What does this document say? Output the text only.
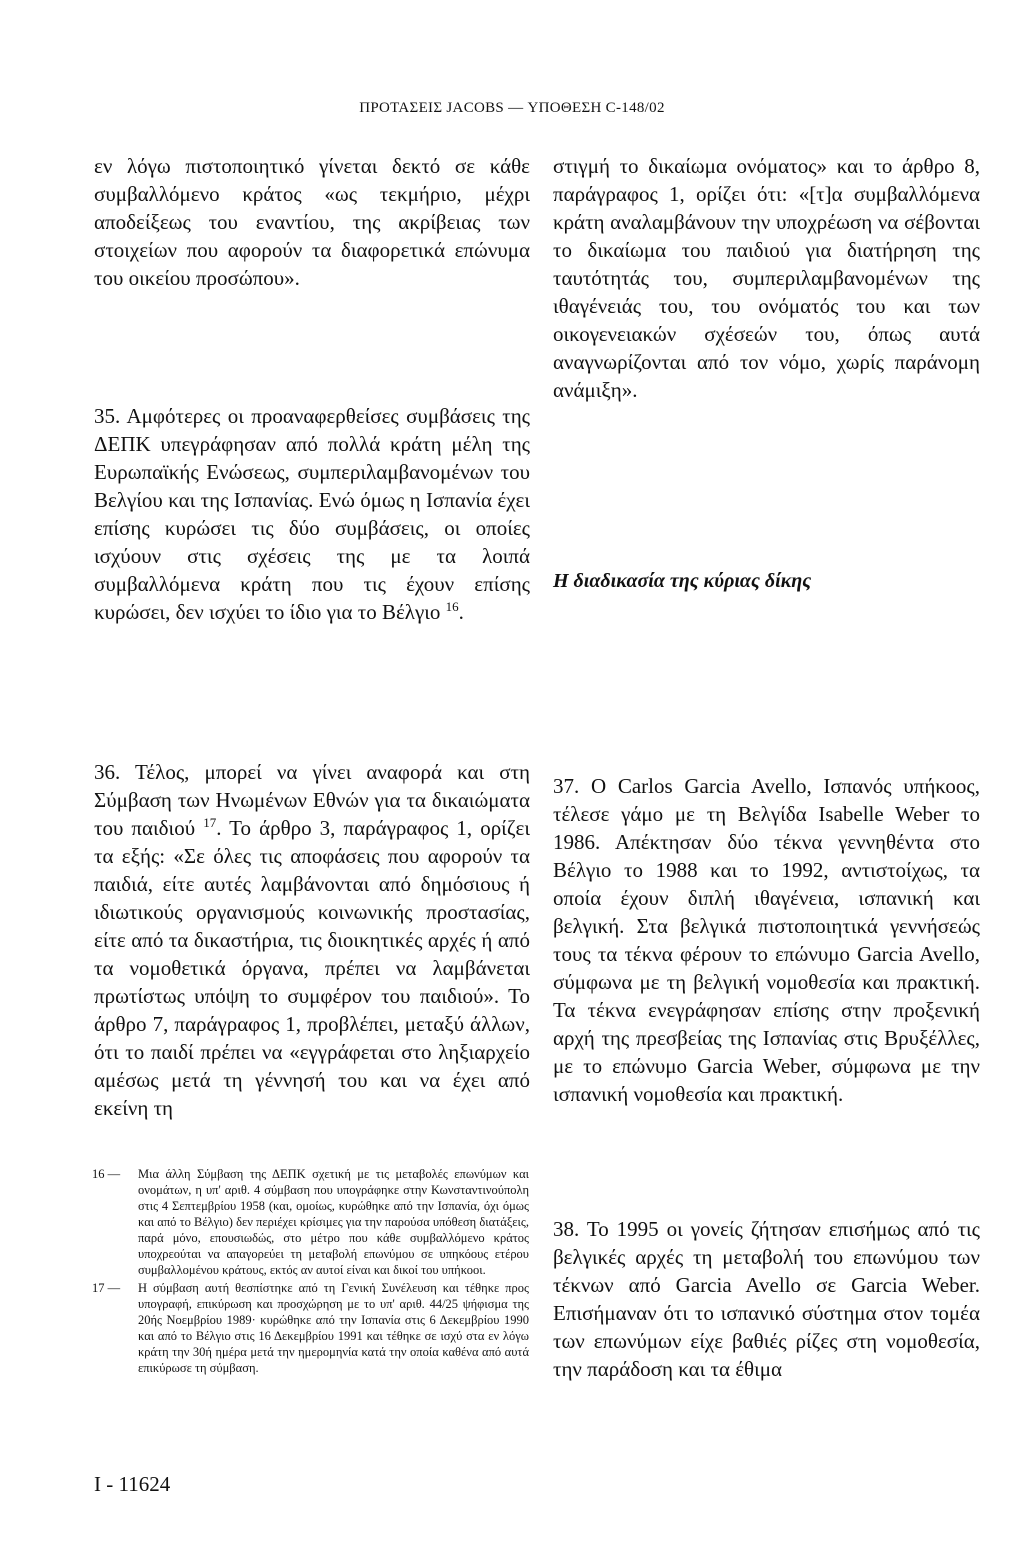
ΠΡΟΤΑΣΕΙΣ JACOBS — ΥΠΟΘΕΣΗ C-148/02

εν λόγω πιστοποιητικό γίνεται δεκτό σε κάθε συμβαλλόμενο κράτος «ως τεκμήριο, μέχρι αποδείξεως του εναντίου, της ακρίβειας των στοιχείων που αφορούν τα διαφορετικά επώνυμα του οικείου προσώπου».

35. Αμφότερες οι προαναφερθείσες συμβάσεις της ΔΕΠΚ υπεγράφησαν από πολλά κράτη μέλη της Ευρωπαϊκής Ενώσεως, συμπεριλαμβανομένων του Βελγίου και της Ισπανίας. Ενώ όμως η Ισπανία έχει επίσης κυρώσει τις δύο συμβάσεις, οι οποίες ισχύουν στις σχέσεις της με τα λοιπά συμβαλλόμενα κράτη που τις έχουν επίσης κυρώσει, δεν ισχύει το ίδιο για το Βέλγιο $^{16}$.

36. Τέλος, μπορεί να γίνει αναφορά και στη Σύμβαση των Ηνωμένων Εθνών για τα δικαιώματα του παιδιού $^{17}$. Το άρθρο 3, παράγραφος 1, ορίζει τα εξής: «Σε όλες τις αποφάσεις που αφορούν τα παιδιά, είτε αυτές λαμβάνονται από δημόσιους ή ιδιωτικούς οργανισμούς κοινωνικής προστασίας, είτε από τα δικαστήρια, τις διοικητικές αρχές ή από τα νομοθετικά όργανα, πρέπει να λαμβάνεται πρωτίστως υπόψη το συμφέρον του παιδιού». Το άρθρο 7, παράγραφος 1, προβλέπει, μεταξύ άλλων, ότι το παιδί πρέπει να «εγγράφεται στο ληξιαρχείο αμέσως μετά τη γέννησή του και να έχει από εκείνη τη

στιγμή το δικαίωμα ονόματος» και το άρθρο 8, παράγραφος 1, ορίζει ότι: «[τ]α συμβαλλόμενα κράτη αναλαμβάνουν την υποχρέωση να σέβονται το δικαίωμα του παιδιού για διατήρηση της ταυτότητάς του, συμπεριλαμβανομένων της ιθαγένειάς του, του ονόματός του και των οικογενειακών σχέσεών του, όπως αυτά αναγνωρίζονται από τον νόμο, χωρίς παράνομη ανάμιξη».

Η διαδικασία της κύριας δίκης

37. Ο Carlos Garcia Avello, Ισπανός υπήκοος, τέλεσε γάμο με τη Βελγίδα Isabelle Weber το 1986. Απέκτησαν δύο τέκνα γεννηθέντα στο Βέλγιο το 1988 και το 1992, αντιστοίχως, τα οποία έχουν διπλή ιθαγένεια, ισπανική και βελγική. Στα βελγικά πιστοποιητικά γεννήσεώς τους τα τέκνα φέρουν το επώνυμο Garcia Avello, σύμφωνα με τη βελγική νομοθεσία και πρακτική. Τα τέκνα ενεγράφησαν επίσης στην προξενική αρχή της πρεσβείας της Ισπανίας στις Βρυξέλλες, με το επώνυμο Garcia Weber, σύμφωνα με την ισπανική νομοθεσία και πρακτική.

38. Το 1995 οι γονείς ζήτησαν επισήμως από τις βελγικές αρχές τη μεταβολή του επωνύμου των τέκνων από Garcia Avello σε Garcia Weber. Επισήμαναν ότι το ισπανικό σύστημα στον τομέα των επωνύμων είχε βαθιές ρίζες στη νομοθεσία, την παράδοση και τα έθιμα

16 —	Μια άλλη Σύμβαση της ΔΕΠΚ σχετική με τις μεταβολές επωνύμων και ονομάτων, η υπ' αριθ. 4 σύμβαση που υπογράφηκε στην Κωνσταντινούπολη στις 4 Σεπτεμβρίου 1958 (και, ομοίως, κυρώθηκε από την Ισπανία, όχι όμως και από το Βέλγιο) δεν περιέχει κρίσιμες για την παρούσα υπόθεση διατάξεις, παρά μόνο, επουσιωδώς, στο μέτρο που κάθε συμβαλλόμενο κράτος υποχρεούται να απαγορεύει τη μεταβολή επωνύμου σε υπηκόους ετέρου συμβαλλομένου κράτους, εκτός αν αυτοί είναι και δικοί του υπήκοοι.
17 —	Η σύμβαση αυτή θεσπίστηκε από τη Γενική Συνέλευση και τέθηκε προς υπογραφή, επικύρωση και προσχώρηση με το υπ' αριθ. 44/25 ψήφισμα της 20ής Νοεμβρίου 1989· κυρώθηκε από την Ισπανία στις 6 Δεκεμβρίου 1990 και από το Βέλγιο στις 16 Δεκεμβρίου 1991 και τέθηκε σε ισχύ στα εν λόγω κράτη την 30ή ημέρα μετά την ημερομηνία κατά την οποία καθένα από αυτά επικύρωσε τη σύμβαση.
I - 11624
